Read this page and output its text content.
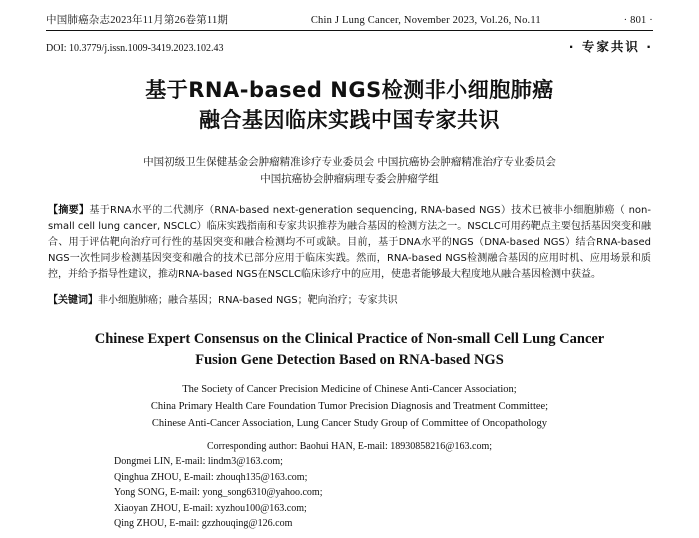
中国肺癌杂志2023年11月第26卷第11期	Chin J Lung Cancer, November 2023, Vol.26, No.11	· 801 ·
DOI: 10.3779/j.issn.1009-3419.2023.102.43	· 专家共识 ·
基于RNA-based NGS检测非小细胞肺癌
融合基因临床实践中国专家共识
中国初级卫生保健基金会肿瘤精准诊疗专业委员会 中国抗癌协会肿瘤精准治疗专业委员会
中国抗癌协会肿瘤病理专委会肿瘤学组
【摘要】基于RNA水平的二代测序（RNA-based next-generation sequencing, RNA-based NGS）技术已被非小细胞肺癌（ non-small cell lung cancer, NSCLC）临床实践指南和专家共识推荐为融合基因的检测方法之一。NSCLC可用药靶点主要包括基因突变和融合、用于评估靶向治疗可行性的基因突变和融合检测均不可或缺。目前，基于DNA水平的NGS（DNA-based NGS）结合RNA-based NGS一次性同步检测基因突变和融合的技术已部分应用于临床实践。然而，RNA-based NGS检测融合基因的应用时机、应用场景和质控，并给予指导性建议，推动RNA-based NGS在NSCLC临床诊疗中的应用，使患者能够最大程度地从融合基因检测中获益。
【关键词】非小细胞肺癌；融合基因；RNA-based NGS；靶向治疗；专家共识
Chinese Expert Consensus on the Clinical Practice of Non-small Cell Lung Cancer
Fusion Gene Detection Based on RNA-based NGS
The Society of Cancer Precision Medicine of Chinese Anti-Cancer Association;
China Primary Health Care Foundation Tumor Precision Diagnosis and Treatment Committee;
Chinese Anti-Cancer Association, Lung Cancer Study Group of Committee of Oncopathology
Corresponding author: Baohui HAN, E-mail: 18930858216@163.com;
Dongmei LIN, E-mail: lindm3@163.com;
Qinghua ZHOU, E-mail: zhouqh135@163.com;
Yong SONG, E-mail: yong_song6310@yahoo.com;
Xiaoyan ZHOU, E-mail: xyzhou100@163.com;
Qing ZHOU, E-mail: gzzhouqing@126.com
